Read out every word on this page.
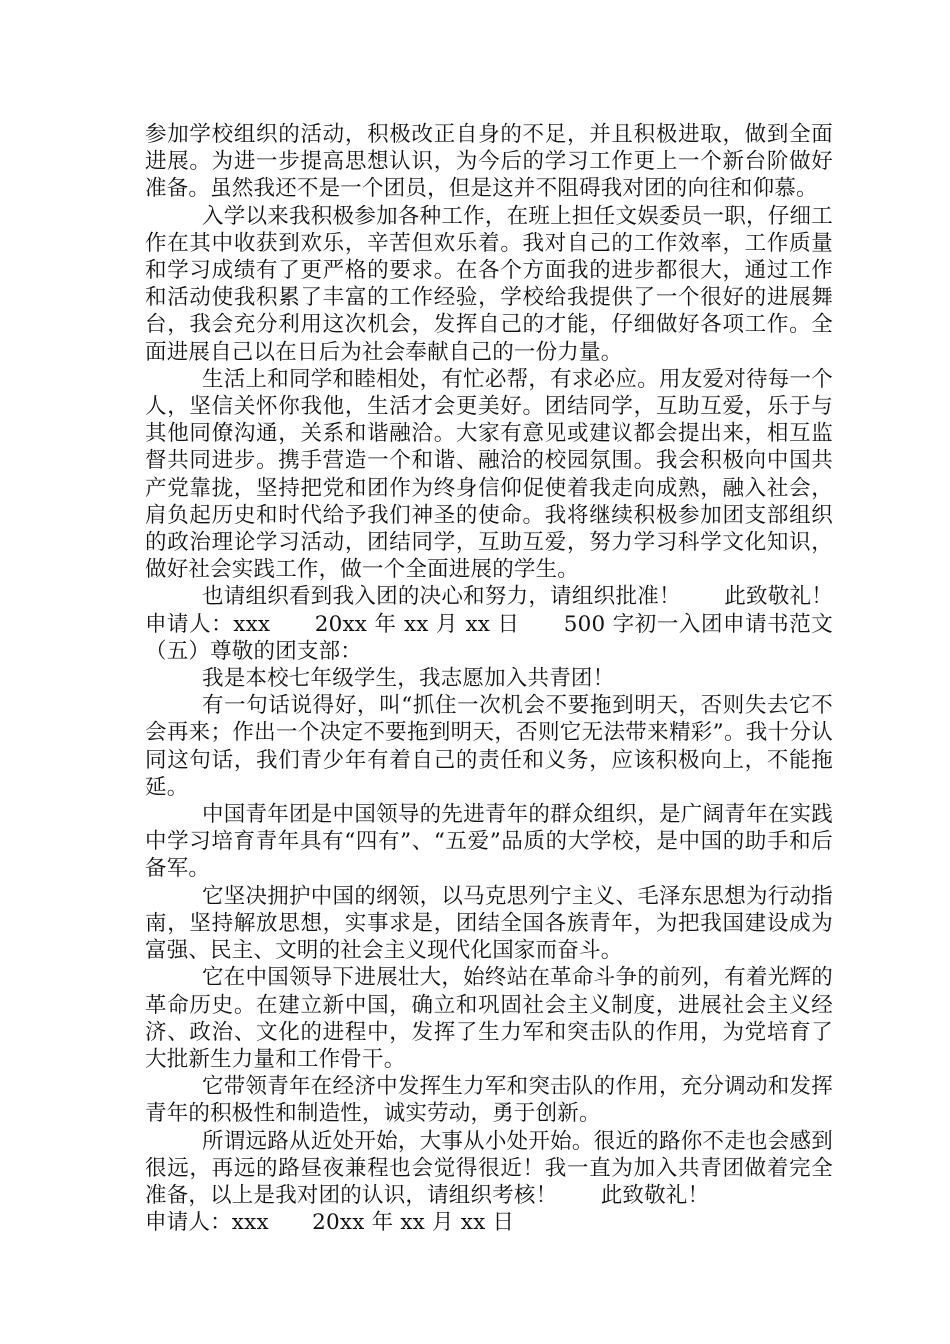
参加学校组织的活动，积极改正自身的不足，并且积极进取，做到全面进展。为进一步提高思想认识，为今后的学习工作更上一个新台阶做好准备。虽然我还不是一个团员，但是这并不阻碍我对团的向往和仰慕。

入学以来我积极参加各种工作，在班上担任文娱委员一职，仔细工作在其中收获到欢乐，辛苦但欢乐着。我对自己的工作效率，工作质量和学习成绩有了更严格的要求。在各个方面我的进步都很大，通过工作和活动使我积累了丰富的工作经验，学校给我提供了一个很好的进展舞台，我会充分利用这次机会，发挥自己的才能，仔细做好各项工作。全面进展自己以在日后为社会奉献自己的一份力量。

生活上和同学和睦相处，有忙必帮，有求必应。用友爱对待每一个人，坚信关怀你我他，生活才会更美好。团结同学，互助互爱，乐于与其他同僚沟通，关系和谐融洽。大家有意见或建议都会提出来，相互监督共同进步。携手营造一个和谐、融洽的校园氛围。我会积极向中国共产党靠拢，坚持把党和团作为终身信仰促使着我走向成熟，融入社会，肩负起历史和时代给予我们神圣的使命。我将继续积极参加团支部组织的政治理论学习活动，团结同学，互助互爱，努力学习科学文化知识，做好社会实践工作，做一个全面进展的学生。

也请组织看到我入团的决心和努力，请组织批准！　　此致敬礼！　　申请人：xxx　　20xx 年 xx 月 xx 日　　500 字初一入团申请书范文（五）尊敬的团支部：

我是本校七年级学生，我志愿加入共青团！

有一句话说得好，叫“抓住一次机会不要拖到明天，否则失去它不会再来；作出一个决定不要拖到明天，否则它无法带来精彩”。我十分认同这句话，我们青少年有着自己的责任和义务，应该积极向上，不能拖延。

中国青年团是中国领导的先进青年的群众组织，是广阔青年在实践中学习培育青年具有“四有”、“五爱”品质的大学校，是中国的助手和后备军。

它坚决拥护中国的纲领，以马克思列宁主义、毛泽东思想为行动指南，坚持解放思想，实事求是，团结全国各族青年，为把我国建设成为富强、民主、文明的社会主义现代化国家而奋斗。

它在中国领导下进展壮大，始终站在革命斗争的前列，有着光辉的革命历史。在建立新中国，确立和巩固社会主义制度，进展社会主义经济、政治、文化的进程中，发挥了生力军和突击队的作用，为党培育了大批新生力量和工作骨干。

它带领青年在经济中发挥生力军和突击队的作用，充分调动和发挥青年的积极性和制造性，诚实劳动，勇于创新。

所谓远路从近处开始，大事从小处开始。很近的路你不走也会感到很远，再远的路昼夜兼程也会觉得很近！我一直为加入共青团做着完全准备，以上是我对团的认识，请组织考核！　　此致敬礼！

申请人：xxx　　20xx 年 xx 月 xx 日
